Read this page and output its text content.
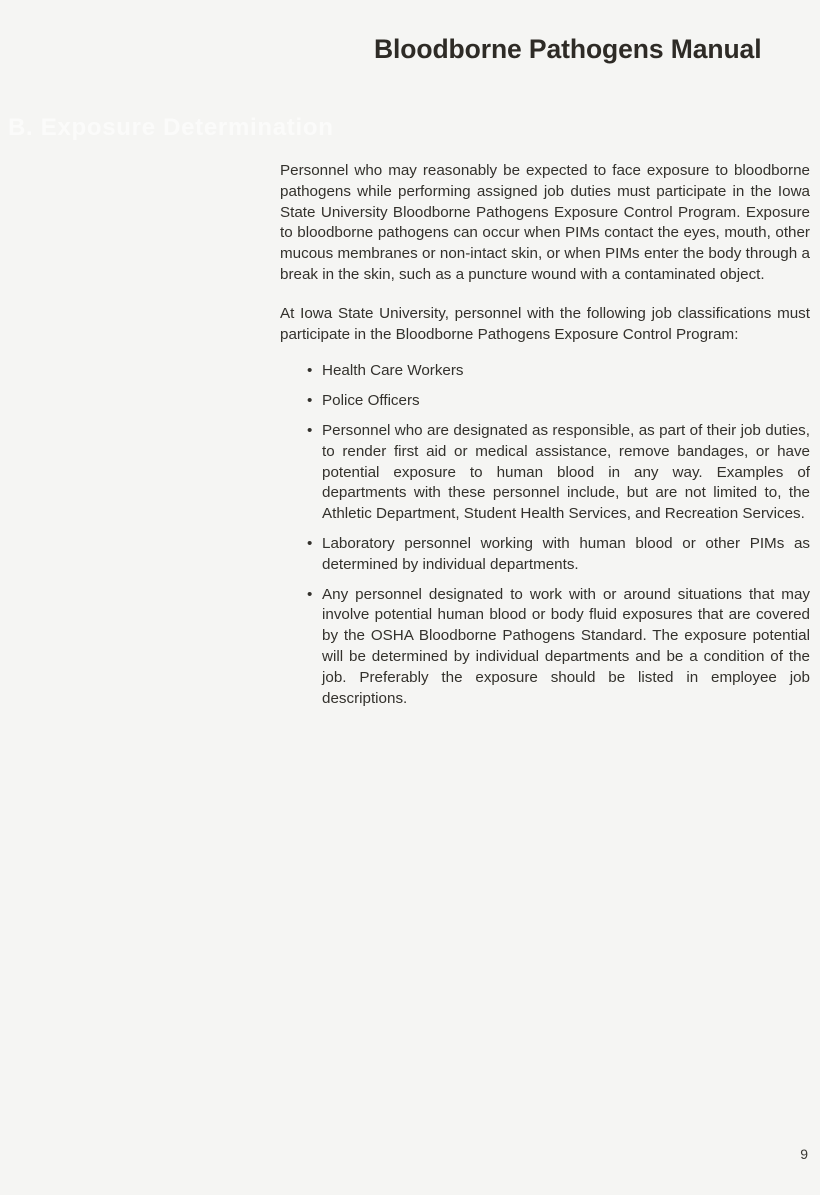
Bloodborne Pathogens Manual
B. Exposure Determination

Personnel who may reasonably be expected to face exposure to bloodborne pathogens while performing assigned job duties must participate in the Iowa State University Bloodborne Pathogens Exposure Control Program. Exposure to bloodborne pathogens can occur when PIMs contact the eyes, mouth, other mucous membranes or non-intact skin, or when PIMs enter the body through a break in the skin, such as a puncture wound with a contaminated object.

At Iowa State University, personnel with the following job classifications must participate in the Bloodborne Pathogens Exposure Control Program:

• Health Care Workers
• Police Officers
• Personnel who are designated as responsible, as part of their job duties, to render first aid or medical assistance, remove bandages, or have potential exposure to human blood in any way. Examples of departments with these personnel include, but are not limited to, the Athletic Department, Student Health Services, and Recreation Services.
• Laboratory personnel working with human blood or other PIMs as determined by individual departments.
• Any personnel designated to work with or around situations that may involve potential human blood or body fluid exposures that are covered by the OSHA Bloodborne Pathogens Standard. The exposure potential will be determined by individual departments and be a condition of the job. Preferably the exposure should be listed in employee job descriptions.
9
